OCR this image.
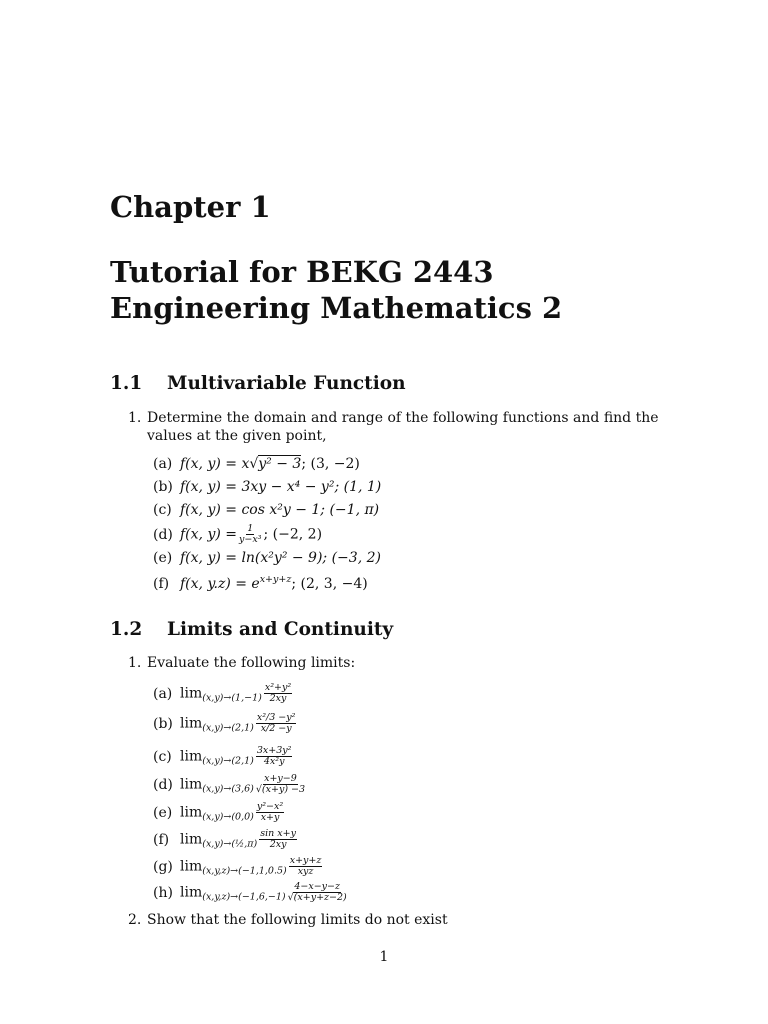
Chapter 1
Tutorial for BEKG 2443
Engineering Mathematics 2
1.1 Multivariable Function
1. Determine the domain and range of the following functions and find the values at the given point,
(a) f(x, y) = x√y² − 3; (3, −2)
(b) f(x, y) = 3xy − x⁴ − y²; (1, 1)
(c) f(x, y) = cos x²y − 1; (−1, π)
(d) f(x, $y) = \frac{1}{\text{y−x³}}$ ; (−2, 2)
(e) f(x, y) = ln(x²y² − 9); (−3, 2)
(f) f(x, $y.z) = e^{x+y+z}$; (2, 3, −4)
1.2 Limits and Continuity
1. Evaluate the following limits:
(a) $\lim_{(x,y)\to(1,-1)} \frac{\text{x²+y²}}{2xy}$
(b) $\lim_{(x,y)\to(2,1)} \frac{\text{x²/3 −y²}}{x/2 -y}$
(c) $\lim_{(x,y)\to(2,1)} \frac{\text{3x+3y²}}{\text{4x²y}}$
(d) $\lim_{(x,y)\to(3,6)} \frac{x+y-9}{√(x+y) -3}$
(e) $\lim_{(x,y)\to(0,0)} \frac{\text{y²−x²}}{x+y}$
(f) $\lim_{(x,y)\to(\frac{1}{2},\pi)} \frac{\text{sin x+y}}{2xy}$
(g) $\lim_{(x,y,z)\to(-1,1,0.5)} \frac{x+y+z}{\text{xyz}}$
(h) $\lim_{(x,y,z)\to(-1,6,-1)} \frac{4-x-y-z}{√(x+y+z-2)}$
2. Show that the following limits do not exist
1
